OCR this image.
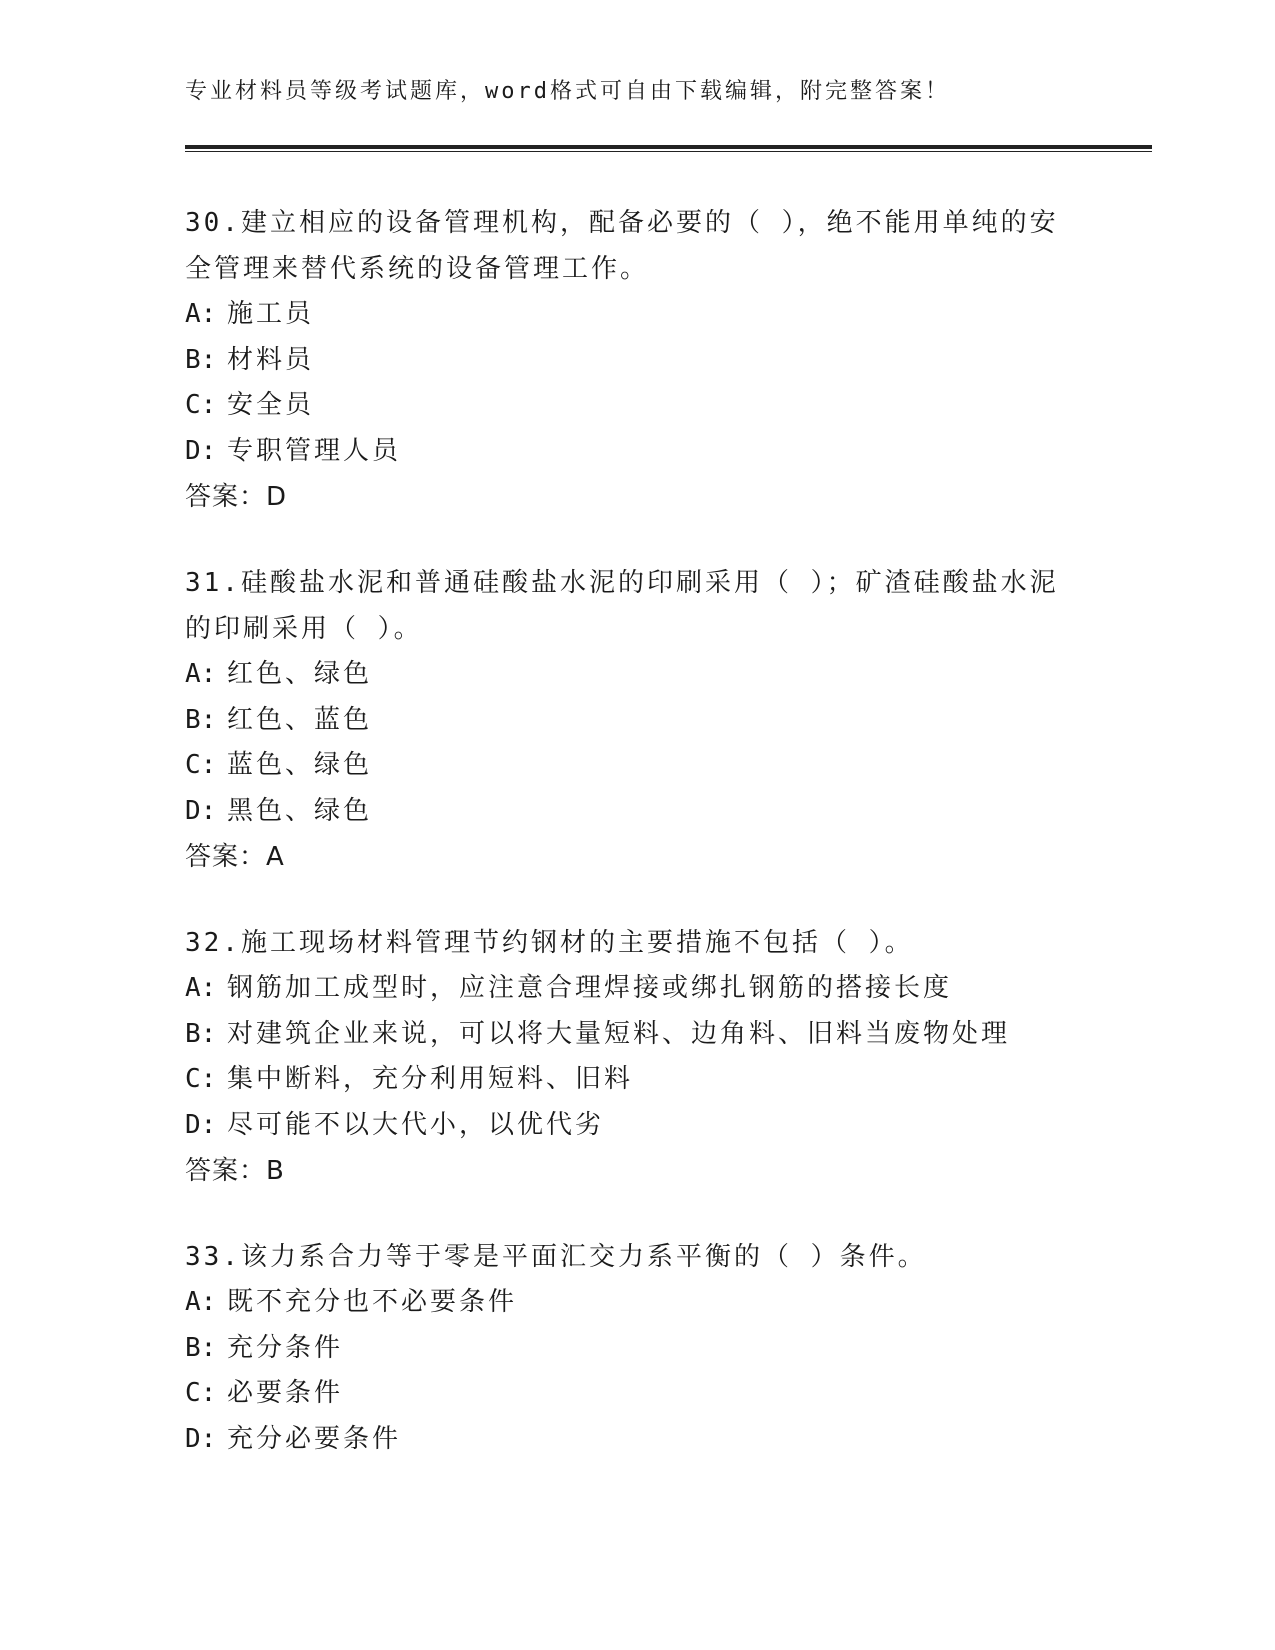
专业材料员等级考试题库，word格式可自由下载编辑，附完整答案！
30.建立相应的设备管理机构，配备必要的（ ），绝不能用单纯的安全管理来替代系统的设备管理工作。
A: 施工员
B: 材料员
C: 安全员
D: 专职管理人员
答案：D
31.硅酸盐水泥和普通硅酸盐水泥的印刷采用（ ）；矿渣硅酸盐水泥的印刷采用（ ）。
A: 红色、绿色
B: 红色、蓝色
C: 蓝色、绿色
D: 黑色、绿色
答案：A
32.施工现场材料管理节约钢材的主要措施不包括（ ）。
A: 钢筋加工成型时，应注意合理焊接或绑扎钢筋的搭接长度
B: 对建筑企业来说，可以将大量短料、边角料、旧料当废物处理
C: 集中断料，充分利用短料、旧料
D: 尽可能不以大代小，以优代劣
答案：B
33.该力系合力等于零是平面汇交力系平衡的（ ）条件。
A: 既不充分也不必要条件
B: 充分条件
C: 必要条件
D: 充分必要条件
